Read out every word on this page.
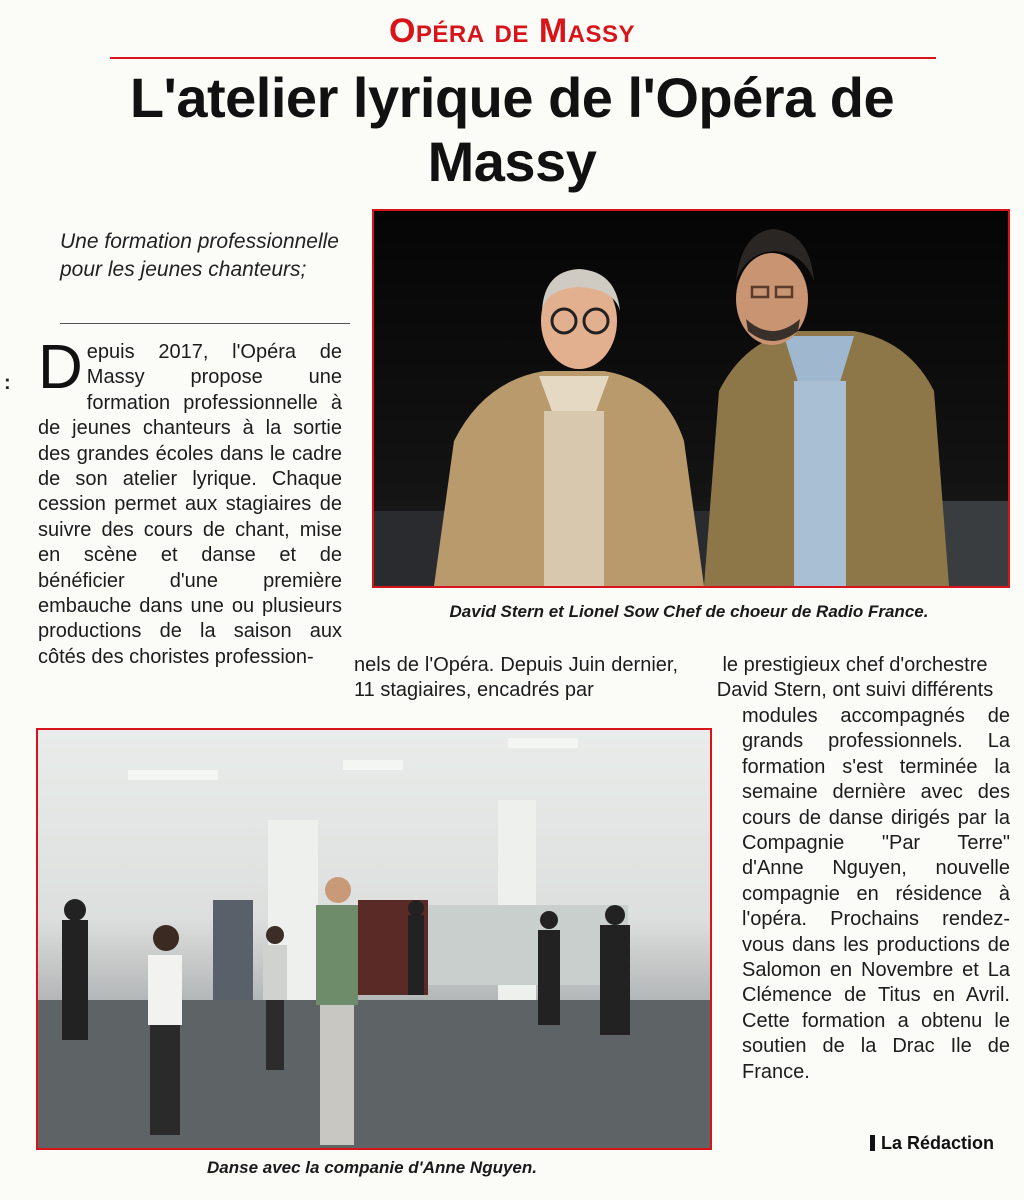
Opéra de Massy
L'atelier lyrique de l'Opéra de Massy
Une formation professionnelle pour les jeunes chanteurs;
: D epuis 2017, l'Opéra de Massy propose une formation professionnelle à de jeunes chanteurs à la sortie des grandes écoles dans le cadre de son atelier lyrique. Chaque cession permet aux stagiaires de suivre des cours de chant, mise en scène et danse et de bénéficier d'une première embauche dans une ou plusieurs productions de la saison aux côtés des choristes profession-	nels de l'Opéra. Depuis Juin dernier, 11 stagiaires, encadrés par
le prestigieux chef d'orchestre David Stern, ont suivi différents
modules accompagnés de grands professionnels. La formation s'est terminée la semaine dernière avec des cours de danse dirigés par la Compagnie "Par Terre" d'Anne Nguyen, nouvelle compagnie en résidence à l'opéra. Prochains rendez-vous dans les productions de Salomon en Novembre et La Clémence de Titus en Avril. Cette formation a obtenu le soutien de la Drac Ile de France.
David Stern et Lionel Sow Chef de choeur de Radio France.
Danse avec la companie d'Anne Nguyen.
La Rédaction
